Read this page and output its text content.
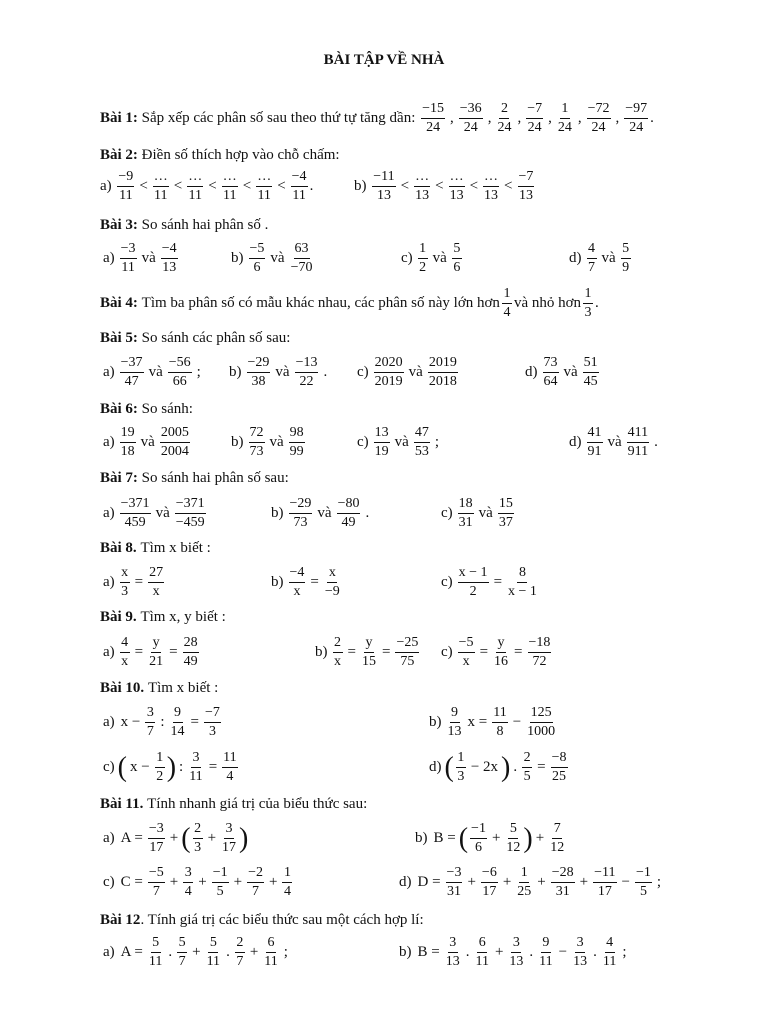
BÀI TẬP VỀ NHÀ
Bài 1:
Sắp xếp các phân số sau theo thứ tự tăng dần:
$\frac{-15}{24}$ , $\frac{-36}{24}$ , $\frac{2}{24}$ , $\frac{-7}{24}$ , $\frac{1}{24}$ , $\frac{-72}{24}$ , $\frac{-97}{24}$ .
Bài 2: Điền số thích hợp vào chỗ chấm:
a)
$\frac{-9}{11} < \frac{\dots}{11} < \frac{\dots}{11} < \frac{\dots}{11} < \frac{\dots}{11} < \frac{-4}{11}$ .	b)
$\frac{-11}{13} < \frac{\dots}{13} < \frac{\dots}{13} < \frac{\dots}{13} < \frac{-7}{13}$
Bài 3: So sánh hai phân số .
$a) \frac{-3}{11}$ và $\frac{-4}{13}$	$b) \frac{-5}{6}$ và $\frac{63}{-70}$	$c) \frac{1}{2}$ và $\frac{5}{6}$	$d) \frac{4}{7}$ và $\frac{5}{9}$
Bài 4:
Tìm ba phân số có mẫu khác nhau, các phân số này lớn hơn $\frac{1}{4}$ và nhỏ hơn $\frac{1}{3}$ .
Bài 5: So sánh các phân số sau:
$a) \frac{-37}{47}$ và $\frac{-56}{66}$ ; $b) \frac{-29}{38}$ và $\frac{-13}{22}$ . $c) \frac{2020}{2019}$ và $\frac{2019}{2018}$	$d) \frac{73}{64}$ và $\frac{51}{45}$
Bài 6: So sánh:
$a) \frac{19}{18}$ và $\frac{2005}{2004}$	$b) \frac{72}{73}$ và $\frac{98}{99}$	$c) \frac{13}{19}$ và $\frac{47}{53}$ ;	$d) \frac{41}{91}$ và $\frac{411}{911}$ .
Bài 7: So sánh hai phân số sau:
$a) \frac{-371}{459}$ và $\frac{-371}{-459}$	$b) \frac{-29}{73}$ và $\frac{-80}{49}$ .	$c) \frac{18}{31}$ và $\frac{15}{37}$
Bài 8. Tìm x biết :
$a) \frac{x}{3} = \frac{27}{x}$	$b) \frac{-4}{x} = \frac{x}{-9}$	$c) \frac{x - 1}{2} = \frac{8}{x - 1}$
Bài 9. Tìm x, y biết :
$a) \frac{4}{x} = \frac{y}{21} = \frac{28}{49}$	$b) \frac{2}{x} = \frac{y}{15} = \frac{-25}{75} c) \frac{-5}{x} = \frac{y}{16} = \frac{-18}{72}$
Bài 10. Tìm x biết :
a) $x - \frac{3}{7}$ : $\frac{9}{14} = \frac{-7}{3}$	$b) \frac{9}{13}$ $x = \frac{11}{8} - \frac{125}{1000}$
c) ( $x - \frac{1}{2}$ ) : $\frac{3}{11} = \frac{11}{4}$	d) ( $\frac{1}{3} - 2x$ ) . $\frac{2}{5} = \frac{-8}{25}$
Bài 11. Tính nhanh giá trị của biểu thức sau:
a) $A = \frac{-3}{17}$ + ( $\frac{2}{3} + \frac{3}{17}$ )	b) B = ( $\frac{-1}{6} + \frac{5}{12}$ ) + $\frac{7}{12}$
c) $C = \frac{-5}{7} + \frac{3}{4} + \frac{-1}{5} + \frac{-2}{7} + \frac{1}{4}$	d) $D = \frac{-3}{31} + \frac{-6}{17} + \frac{1}{25} + \frac{-28}{31} + \frac{-11}{17} - \frac{-1}{5}$ ;
Bài 12. Tính giá trị các biểu thức sau một cách hợp lí:
a) $A = \frac{5}{11}$ . $\frac{5}{7} + \frac{5}{11}$ . $\frac{2}{7} + \frac{6}{11}$ ;	b) $B = \frac{3}{13}$ . $\frac{6}{11} + \frac{3}{13}$ . $\frac{9}{11} - \frac{3}{13}$ . $\frac{4}{11}$ ;
